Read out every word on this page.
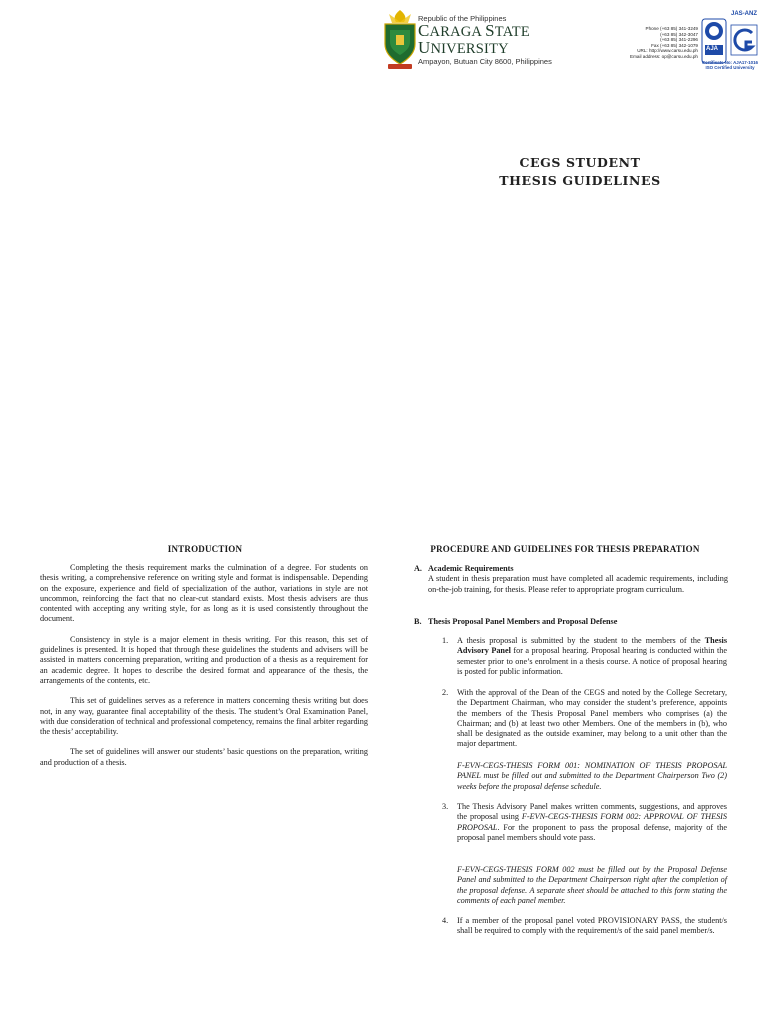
Republic of the Philippines
CARAGA STATE UNIVERSITY
Ampayon, Butuan City 8600, Philippines
Phone (+63 85) 341-3249
(+63 85) 342-3047
(+63 85) 341-2296
Fax (+63 85) 342-1079
URL: http://www.carsu.edu.ph
Email address: op@carsu.edu.ph
JAS-ANZ
AJA
Certificate No: AJA17-1016
ISO Certified University
CEGS STUDENT
THESIS GUIDELINES
INTRODUCTION

Completing the thesis requirement marks the culmination of a degree. For students on thesis writing, a comprehensive reference on writing style and format is indispensable. Depending on the exposure, experience and field of specialization of the author, variations in style are not uncommon, reinforcing the fact that no clear-cut standard exists. Most thesis advisers are thus contented with accepting any writing style, for as long as it is used consistently throughout the document.

Consistency in style is a major element in thesis writing. For this reason, this set of guidelines is presented. It is hoped that through these guidelines the students and advisers will be assisted in matters concerning preparation, writing and production of a thesis as a requirement for an academic degree. It hopes to describe the desired format and appearance of the thesis, the arrangements of the contents, etc.

This set of guidelines serves as a reference in matters concerning thesis writing but does not, in any way, guarantee final acceptability of the thesis. The student’s Oral Examination Panel, with due consideration of technical and professional competency, remains the final arbiter regarding the thesis’ acceptability.

The set of guidelines will answer our students’ basic questions on the preparation, writing and production of a thesis.

PROCEDURE AND GUIDELINES FOR THESIS PREPARATION
A. Academic Requirements
A student in thesis preparation must have completed all academic requirements, including on-the-job training, for thesis. Please refer to appropriate program curriculum.
B. Thesis Proposal Panel Members and Proposal Defense
1.	A thesis proposal is submitted by the student to the members of the Thesis Advisory Panel for a proposal hearing. Proposal hearing is conducted within the semester prior to one’s enrolment in a thesis course. A notice of proposal hearing is posted for public information.
2.	With the approval of the Dean of the CEGS and noted by the College Secretary, the Department Chairman, who may consider the student’s preference, appoints the members of the Thesis Proposal Panel members who comprises (a) the Chairman; and (b) at least two other Members. One of the members in (b), who shall be designated as the outside examiner, may belong to a unit other than the major department.
F-EVN-CEGS-THESIS FORM 001: NOMINATION OF THESIS PROPOSAL PANEL must be filled out and submitted to the Department Chairperson Two (2) weeks before the proposal defense schedule.
3.	The Thesis Advisory Panel makes written comments, suggestions, and approves the proposal using F-EVN-CEGS-THESIS FORM 002: APPROVAL OF THESIS PROPOSAL. For the proponent to pass the proposal defense, majority of the proposal panel members should vote pass.
F-EVN-CEGS-THESIS FORM 002 must be filled out by the Proposal Defense Panel and submitted to the Department Chairperson right after the completion of the proposal defense. A separate sheet should be attached to this form stating the comments of each panel member.
4.	If a member of the proposal panel voted PROVISIONARY PASS, the student/s shall be required to comply with the requirement/s of the said panel member/s.
